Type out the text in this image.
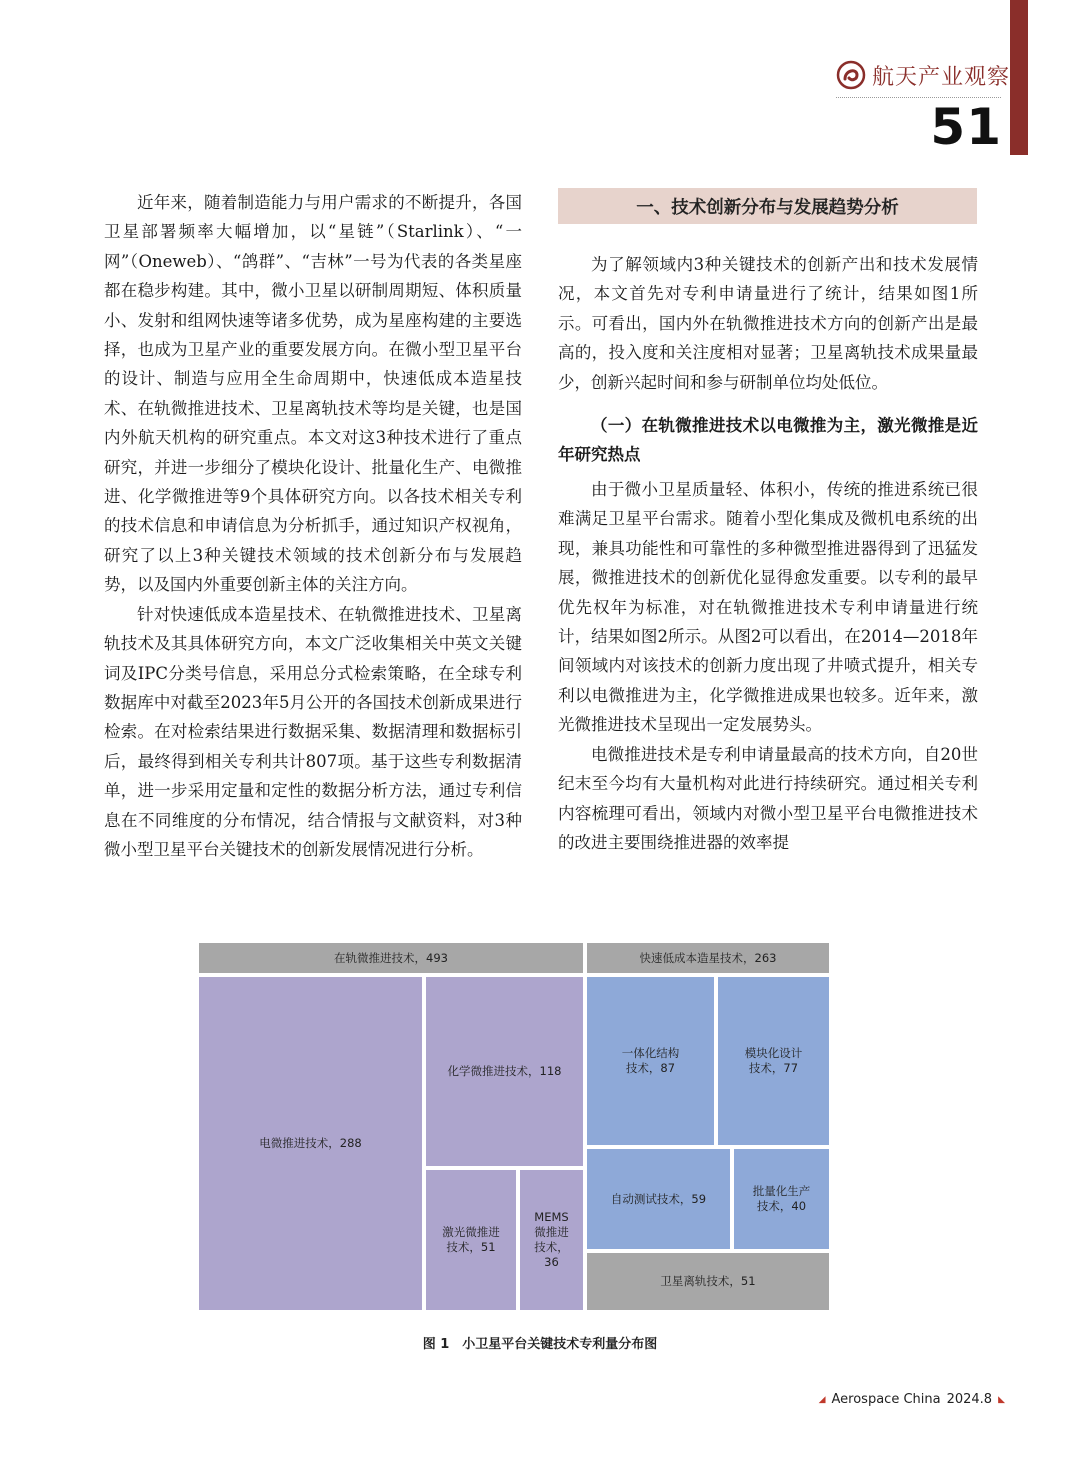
航天产业观察
51

近年来，随着制造能力与用户需求的不断提升，各国卫星部署频率大幅增加，以“星链”（Starlink）、“一网”（Oneweb）、“鸽群”、“吉林”一号为代表的各类星座都在稳步构建。其中，微小卫星以研制周期短、体积质量小、发射和组网快速等诸多优势，成为星座构建的主要选择，也成为卫星产业的重要发展方向。在微小型卫星平台的设计、制造与应用全生命周期中，快速低成本造星技术、在轨微推进技术、卫星离轨技术等均是关键，也是国内外航天机构的研究重点。本文对这3种技术进行了重点研究，并进一步细分了模块化设计、批量化生产、电微推进、化学微推进等9个具体研究方向。以各技术相关专利的技术信息和申请信息为分析抓手，通过知识产权视角，研究了以上3种关键技术领域的技术创新分布与发展趋势，以及国内外重要创新主体的关注方向。

针对快速低成本造星技术、在轨微推进技术、卫星离轨技术及其具体研究方向，本文广泛收集相关中英文关键词及IPC分类号信息，采用总分式检索策略，在全球专利数据库中对截至2023年5月公开的各国技术创新成果进行检索。在对检索结果进行数据采集、数据清理和数据标引后，最终得到相关专利共计807项。基于这些专利数据清单，进一步采用定量和定性的数据分析方法，通过专利信息在不同维度的分布情况，结合情报与文献资料，对3种微小型卫星平台关键技术的创新发展情况进行分析。

一、技术创新分布与发展趋势分析

为了解领域内3种关键技术的创新产出和技术发展情况，本文首先对专利申请量进行了统计，结果如图1所示。可看出，国内外在轨微推进技术方向的创新产出是最高的，投入度和关注度相对显著；卫星离轨技术成果量最少，创新兴起时间和参与研制单位均处低位。

（一）在轨微推进技术以电微推为主，激光微推是近年研究热点

由于微小卫星质量轻、体积小，传统的推进系统已很难满足卫星平台需求。随着小型化集成及微机电系统的出现，兼具功能性和可靠性的多种微型推进器得到了迅猛发展，微推进技术的创新优化显得愈发重要。以专利的最早优先权年为标准，对在轨微推进技术专利申请量进行统计，结果如图2所示。从图2可以看出，在2014—2018年间领域内对该技术的创新力度出现了井喷式提升，相关专利以电微推进为主，化学微推进成果也较多。近年来，激光微推进技术呈现出一定发展势头。

电微推进技术是专利申请量最高的技术方向，自20世纪末至今均有大量机构对此进行持续研究。通过相关专利内容梳理可看出，领域内对微小型卫星平台电微推进技术的改进主要围绕推进器的效率提

在轨微推进技术，493	快速低成本造星技术，263
电微推进技术，288
化学微推进技术，118
激光微推进
技术，51
MEMS
微推进
技术，
36
一体化结构
技术，87
模块化设计
技术，77
自动测试技术，59
批量化生产
技术，40
卫星离轨技术，51
图 1　小卫星平台关键技术专利量分布图
◢ Aerospace China 2024.8 ◣
